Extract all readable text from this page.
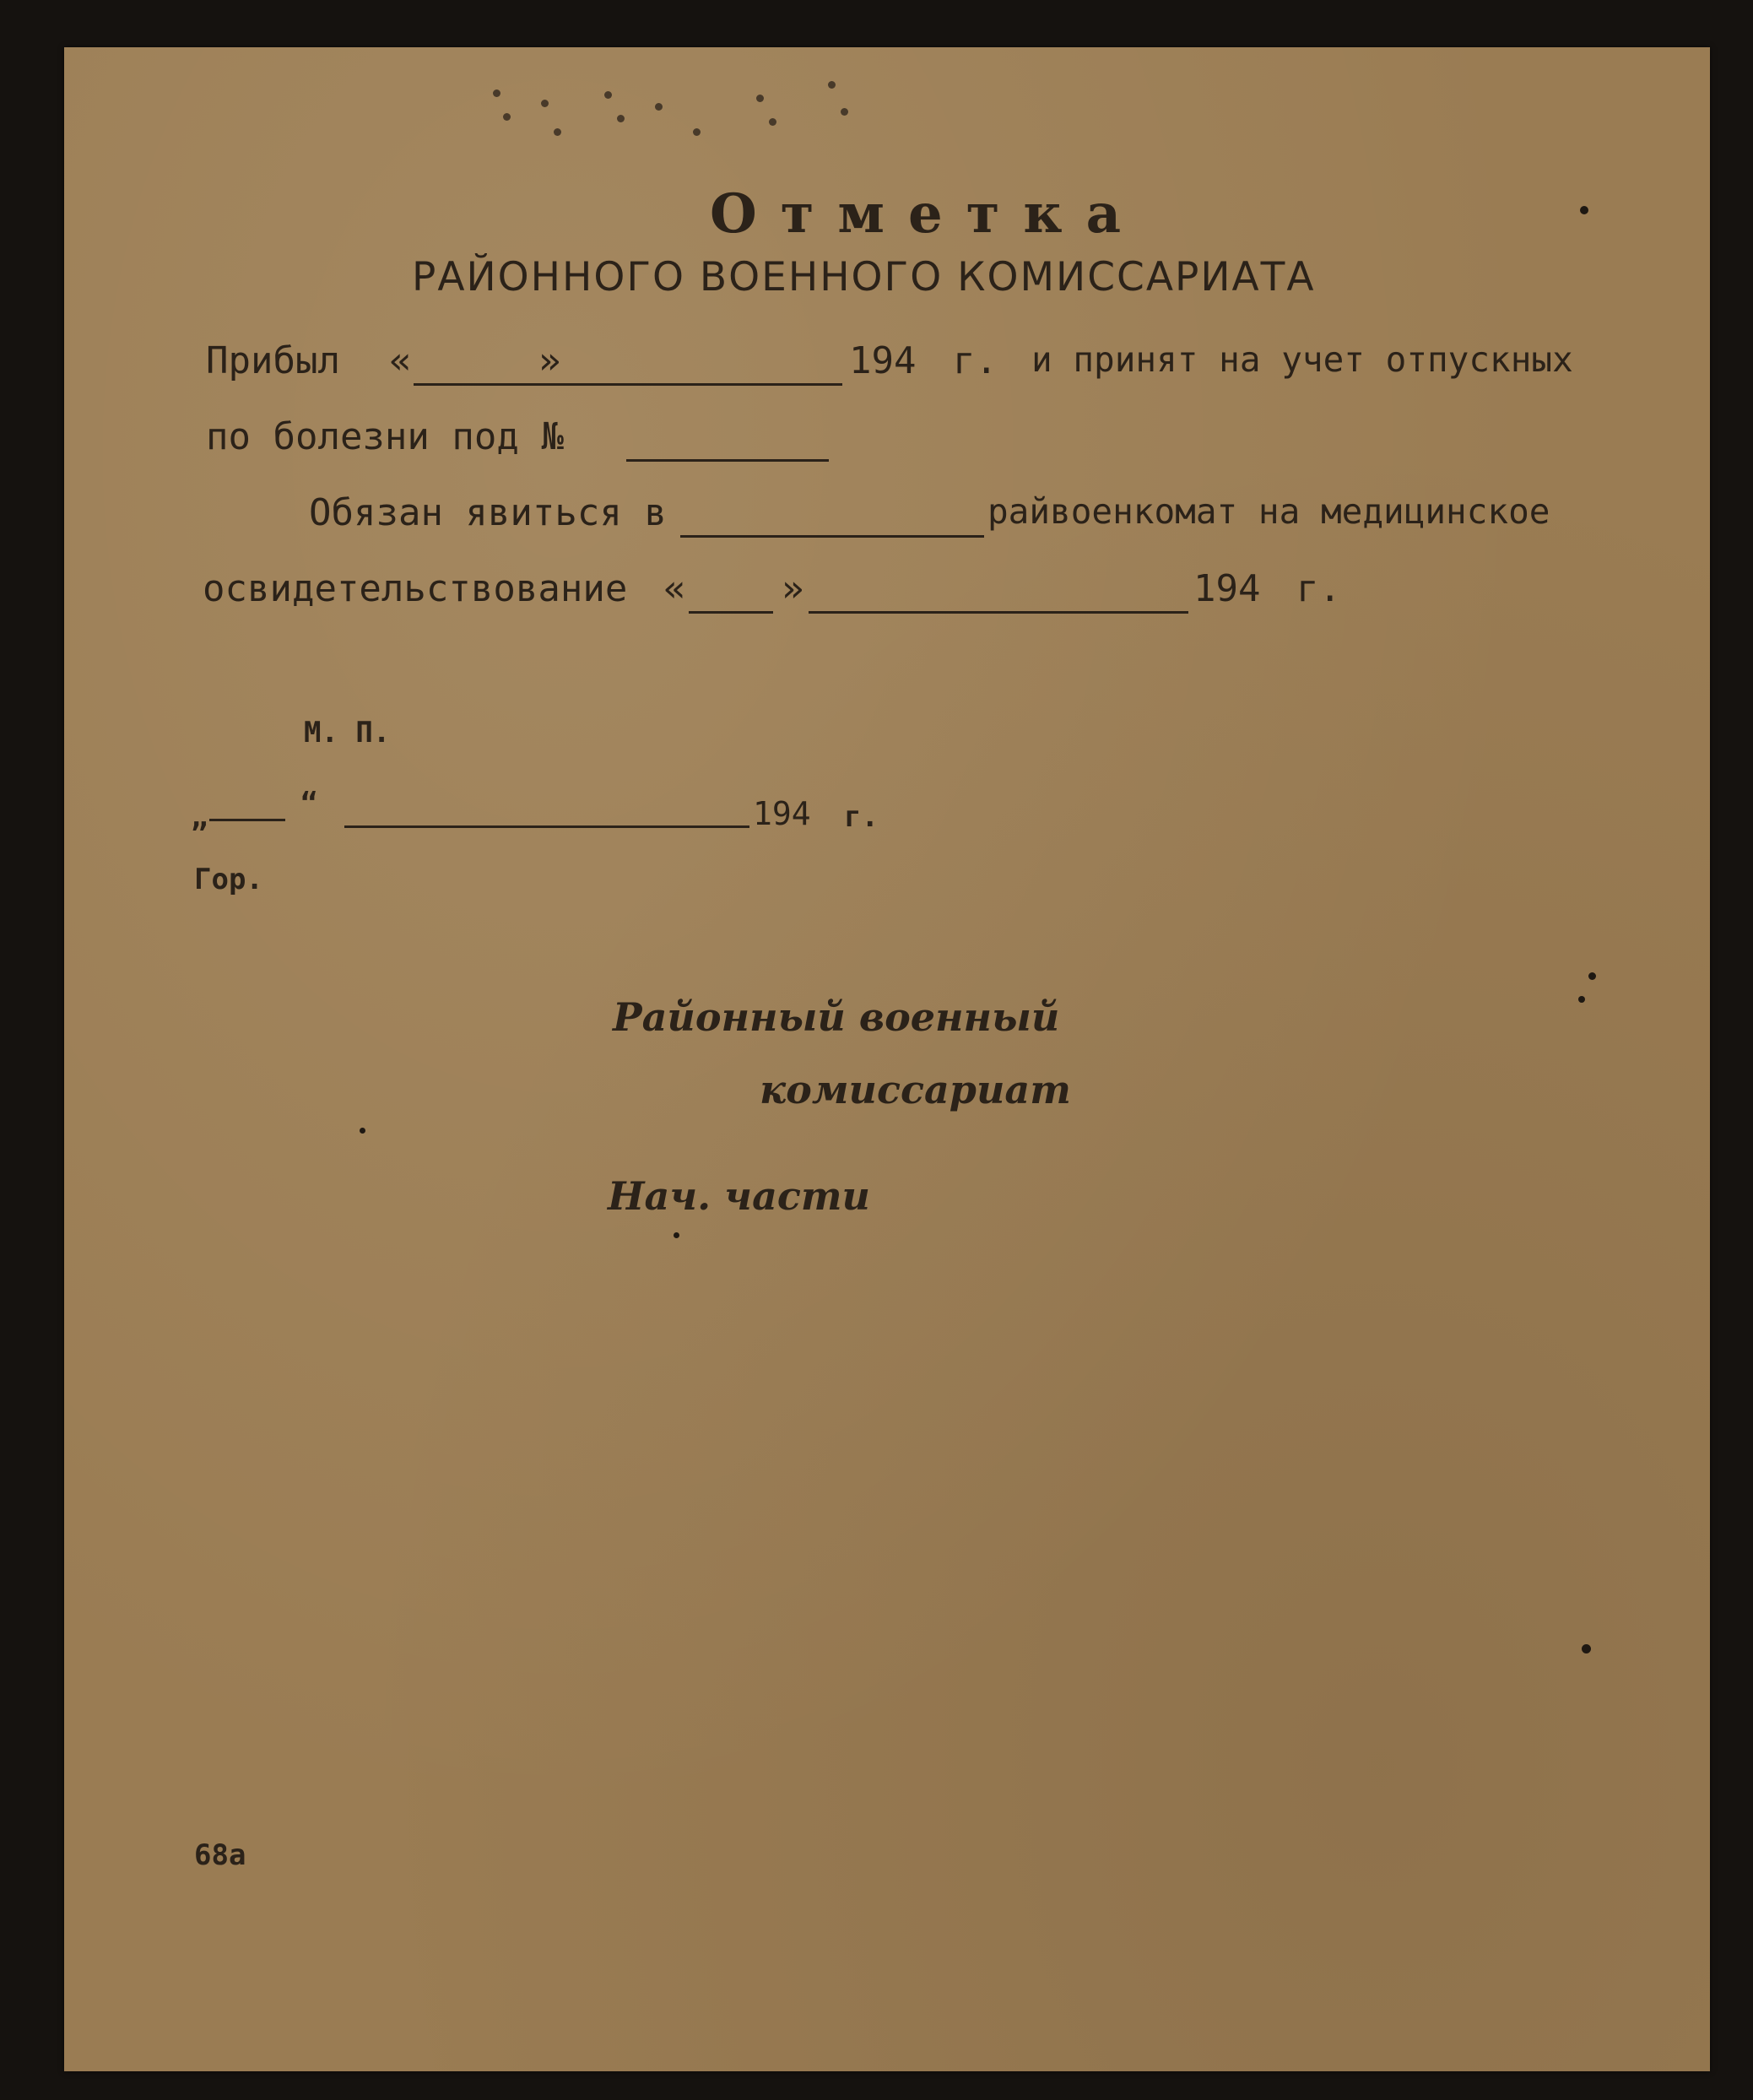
Отметка
РАЙОННОГО ВОЕННОГО КОМИССАРИАТА
Прибыл «	»	194 г. и принят на учет отпускных
по болезни под №
Обязан явиться в	райвоенкомат на медицинское
освидетельствование «	»	194 г.
М. П.
„	“	194 г.
Гор.
Районный военный
комиссариат
Нач. части
68а
